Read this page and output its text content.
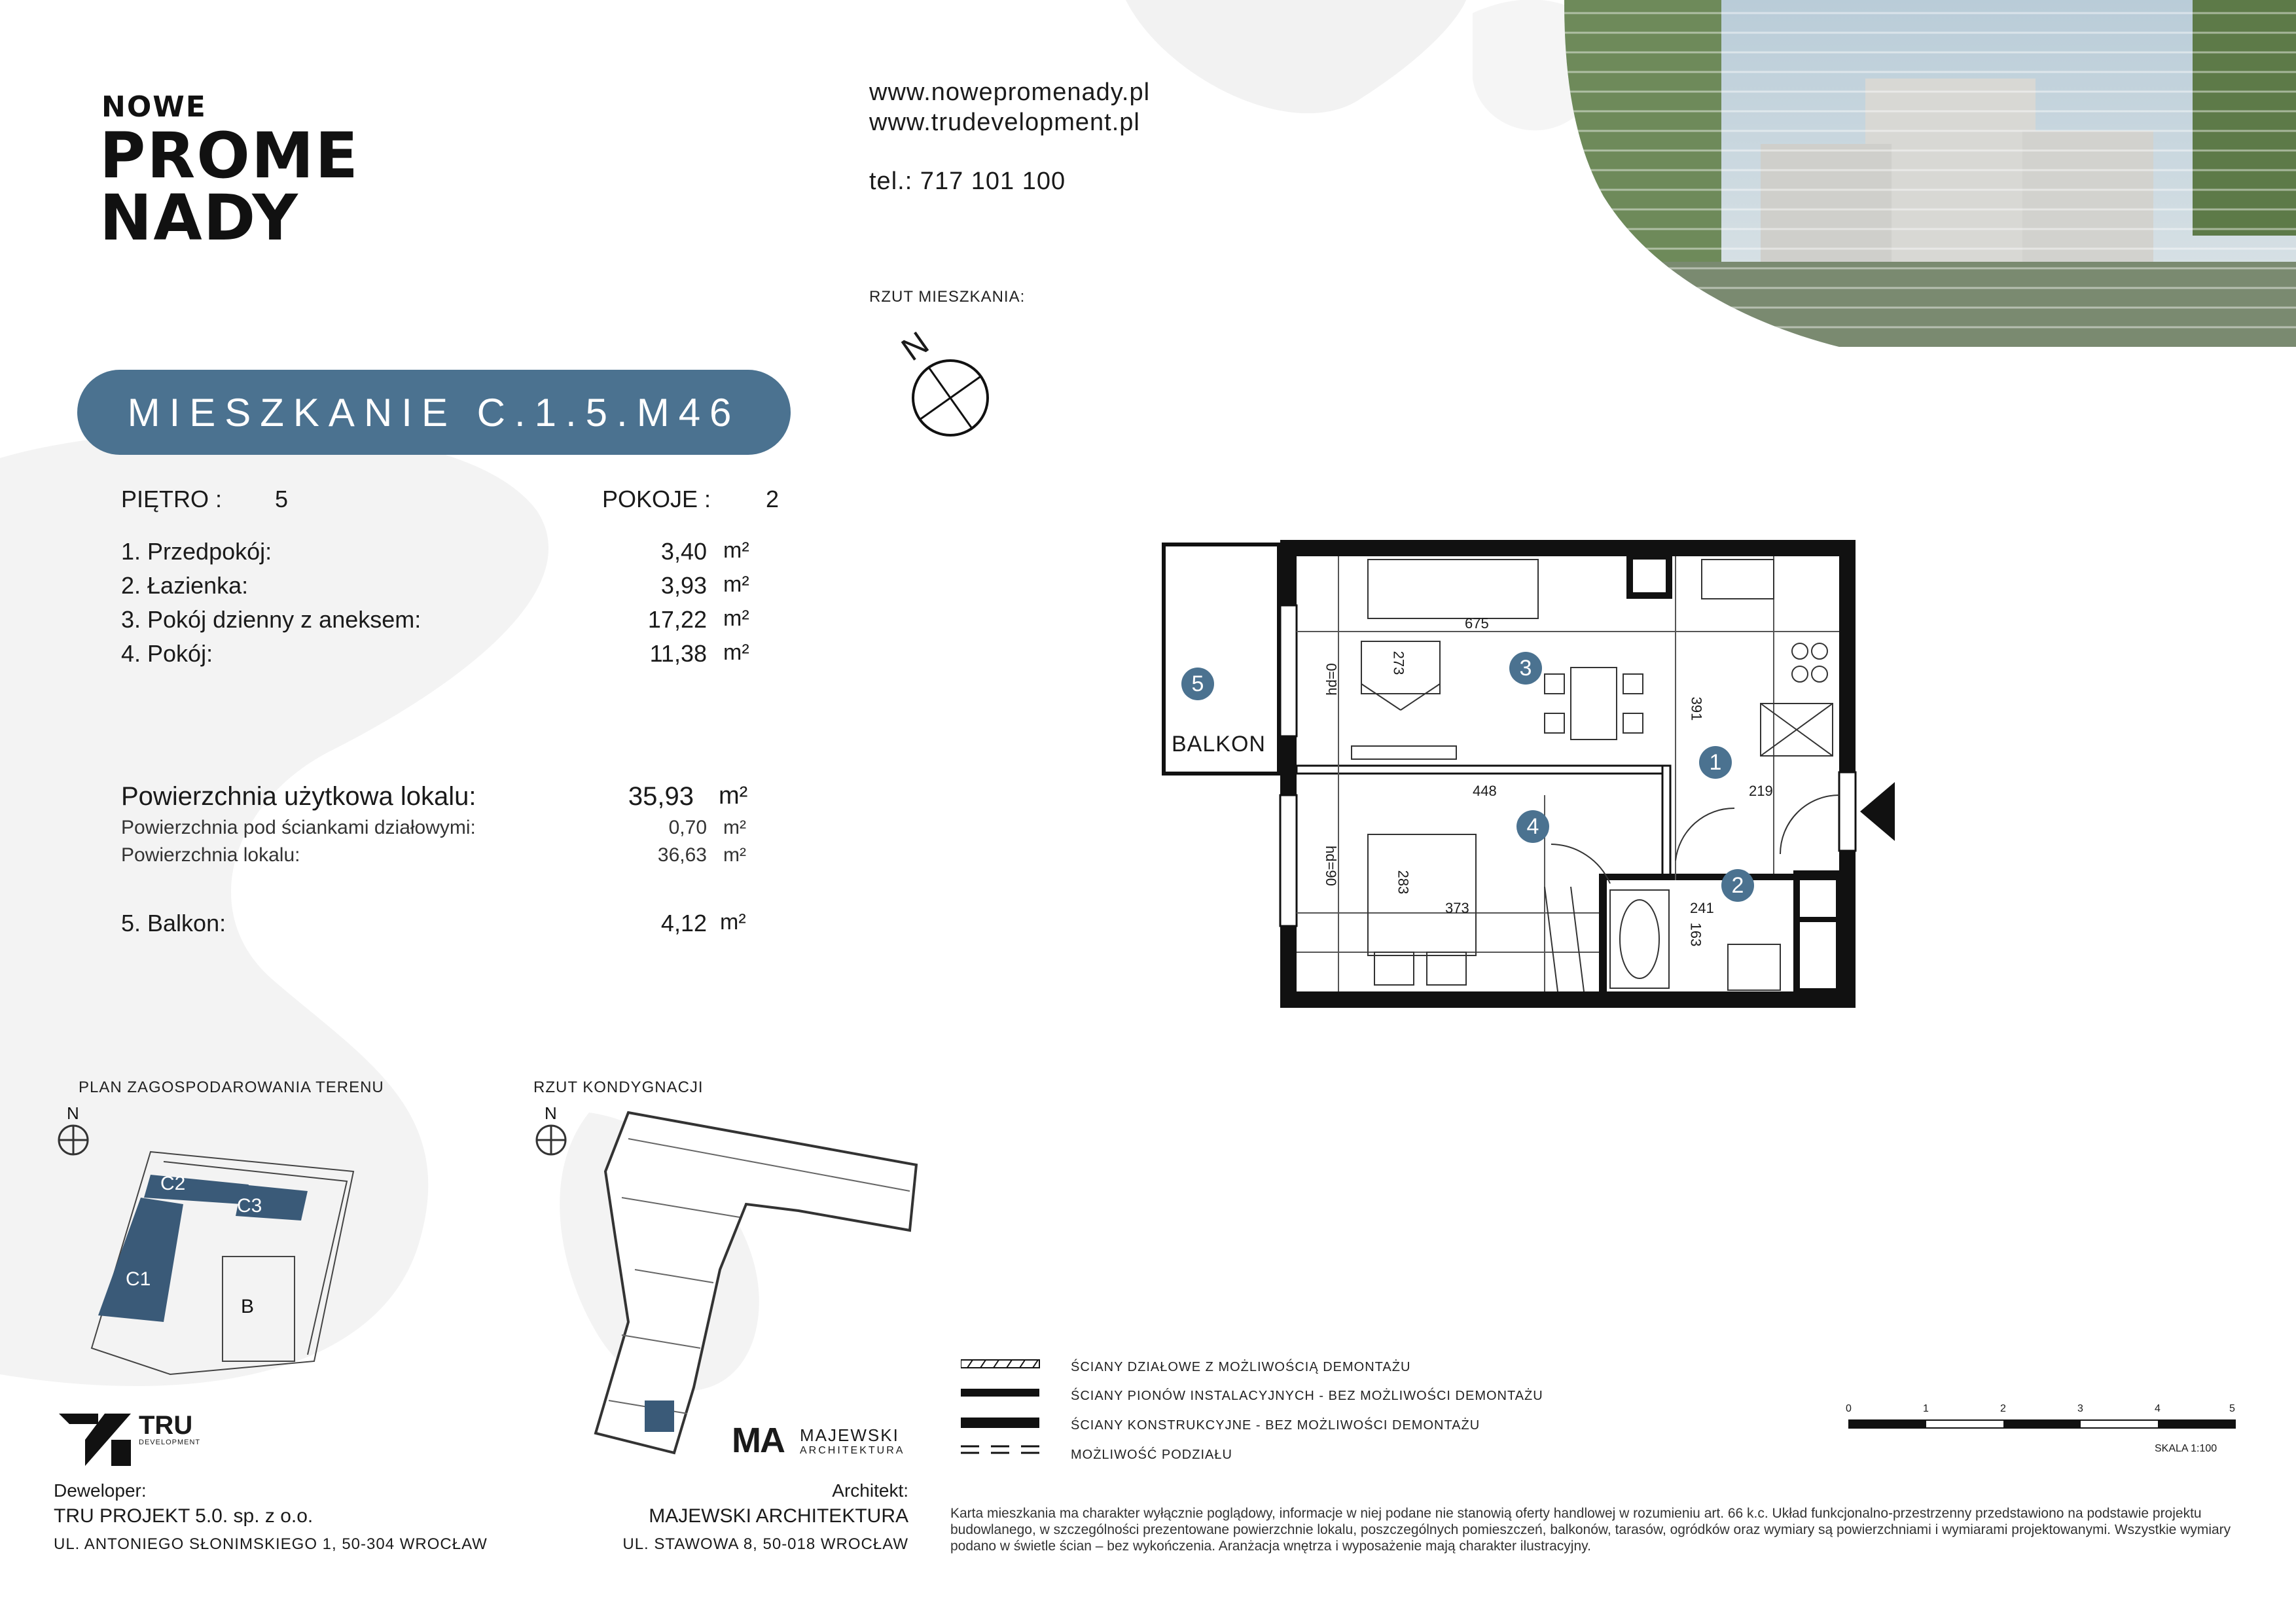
NOWE
PROME
NADY
www.nowepromenady.pl
www.trudevelopment.pl
tel.: 717 101 100
RZUT MIESZKANIA:
N
MIESZKANIE C.1.5.M46
PIĘTRO : 5	POKOJE : 2
1. Przedpokój:	3,40 m²
2. Łazienka:	3,93 m²
3. Pokój dzienny z aneksem:	17,22 m²
4. Pokój:	11,38 m²
Powierzchnia użytkowa lokalu:	35,93 m²
Powierzchnia pod ściankami działowymi:	0,70 m²
Powierzchnia lokalu:	36,63 m²
5. Balkon:	4,12 m²
BALKON
5
3
1
4
2
675
273
391
448	219
283
373	241
163
hd=0
hd=90
PLAN ZAGOSPODAROWANIA TERENU
N
C2
C3
C1
B
RZUT KONDYGNACJI
N
ŚCIANY DZIAŁOWE Z MOŻLIWOŚCIĄ DEMONTAŻU
ŚCIANY PIONÓW INSTALACYJNYCH - BEZ MOŻLIWOŚCI DEMONTAŻU
ŚCIANY KONSTRUKCYJNE - BEZ MOŻLIWOŚCI DEMONTAŻU
MOŻLIWOŚĆ PODZIAŁU
0	1	2	3	4	5
SKALA 1:100
TRU
DEVELOPMENT
Deweloper:
TRU PROJEKT 5.0. sp. z o.o.
UL. ANTONIEGO SŁONIMSKIEGO 1, 50-304 WROCŁAW
MA MAJEWSKI
ARCHITEKTURA
Architekt:
MAJEWSKI ARCHITEKTURA
UL. STAWOWA 8, 50-018 WROCŁAW
Karta mieszkania ma charakter wyłącznie poglądowy, informacje w niej podane nie stanowią oferty handlowej w rozumieniu art. 66 k.c. Układ funkcjonalno-przestrzenny przedstawiono na podstawie projektu budowlanego, w szczególności prezentowane powierzchnie lokalu, poszczególnych pomieszczeń, balkonów, tarasów, ogródków oraz wymiary są powierzchniami i wymiarami projektowanymi. Wszystkie wymiary podano w świetle ścian – bez wykończenia. Aranżacja wnętrza i wyposażenie mają charakter ilustracyjny.
